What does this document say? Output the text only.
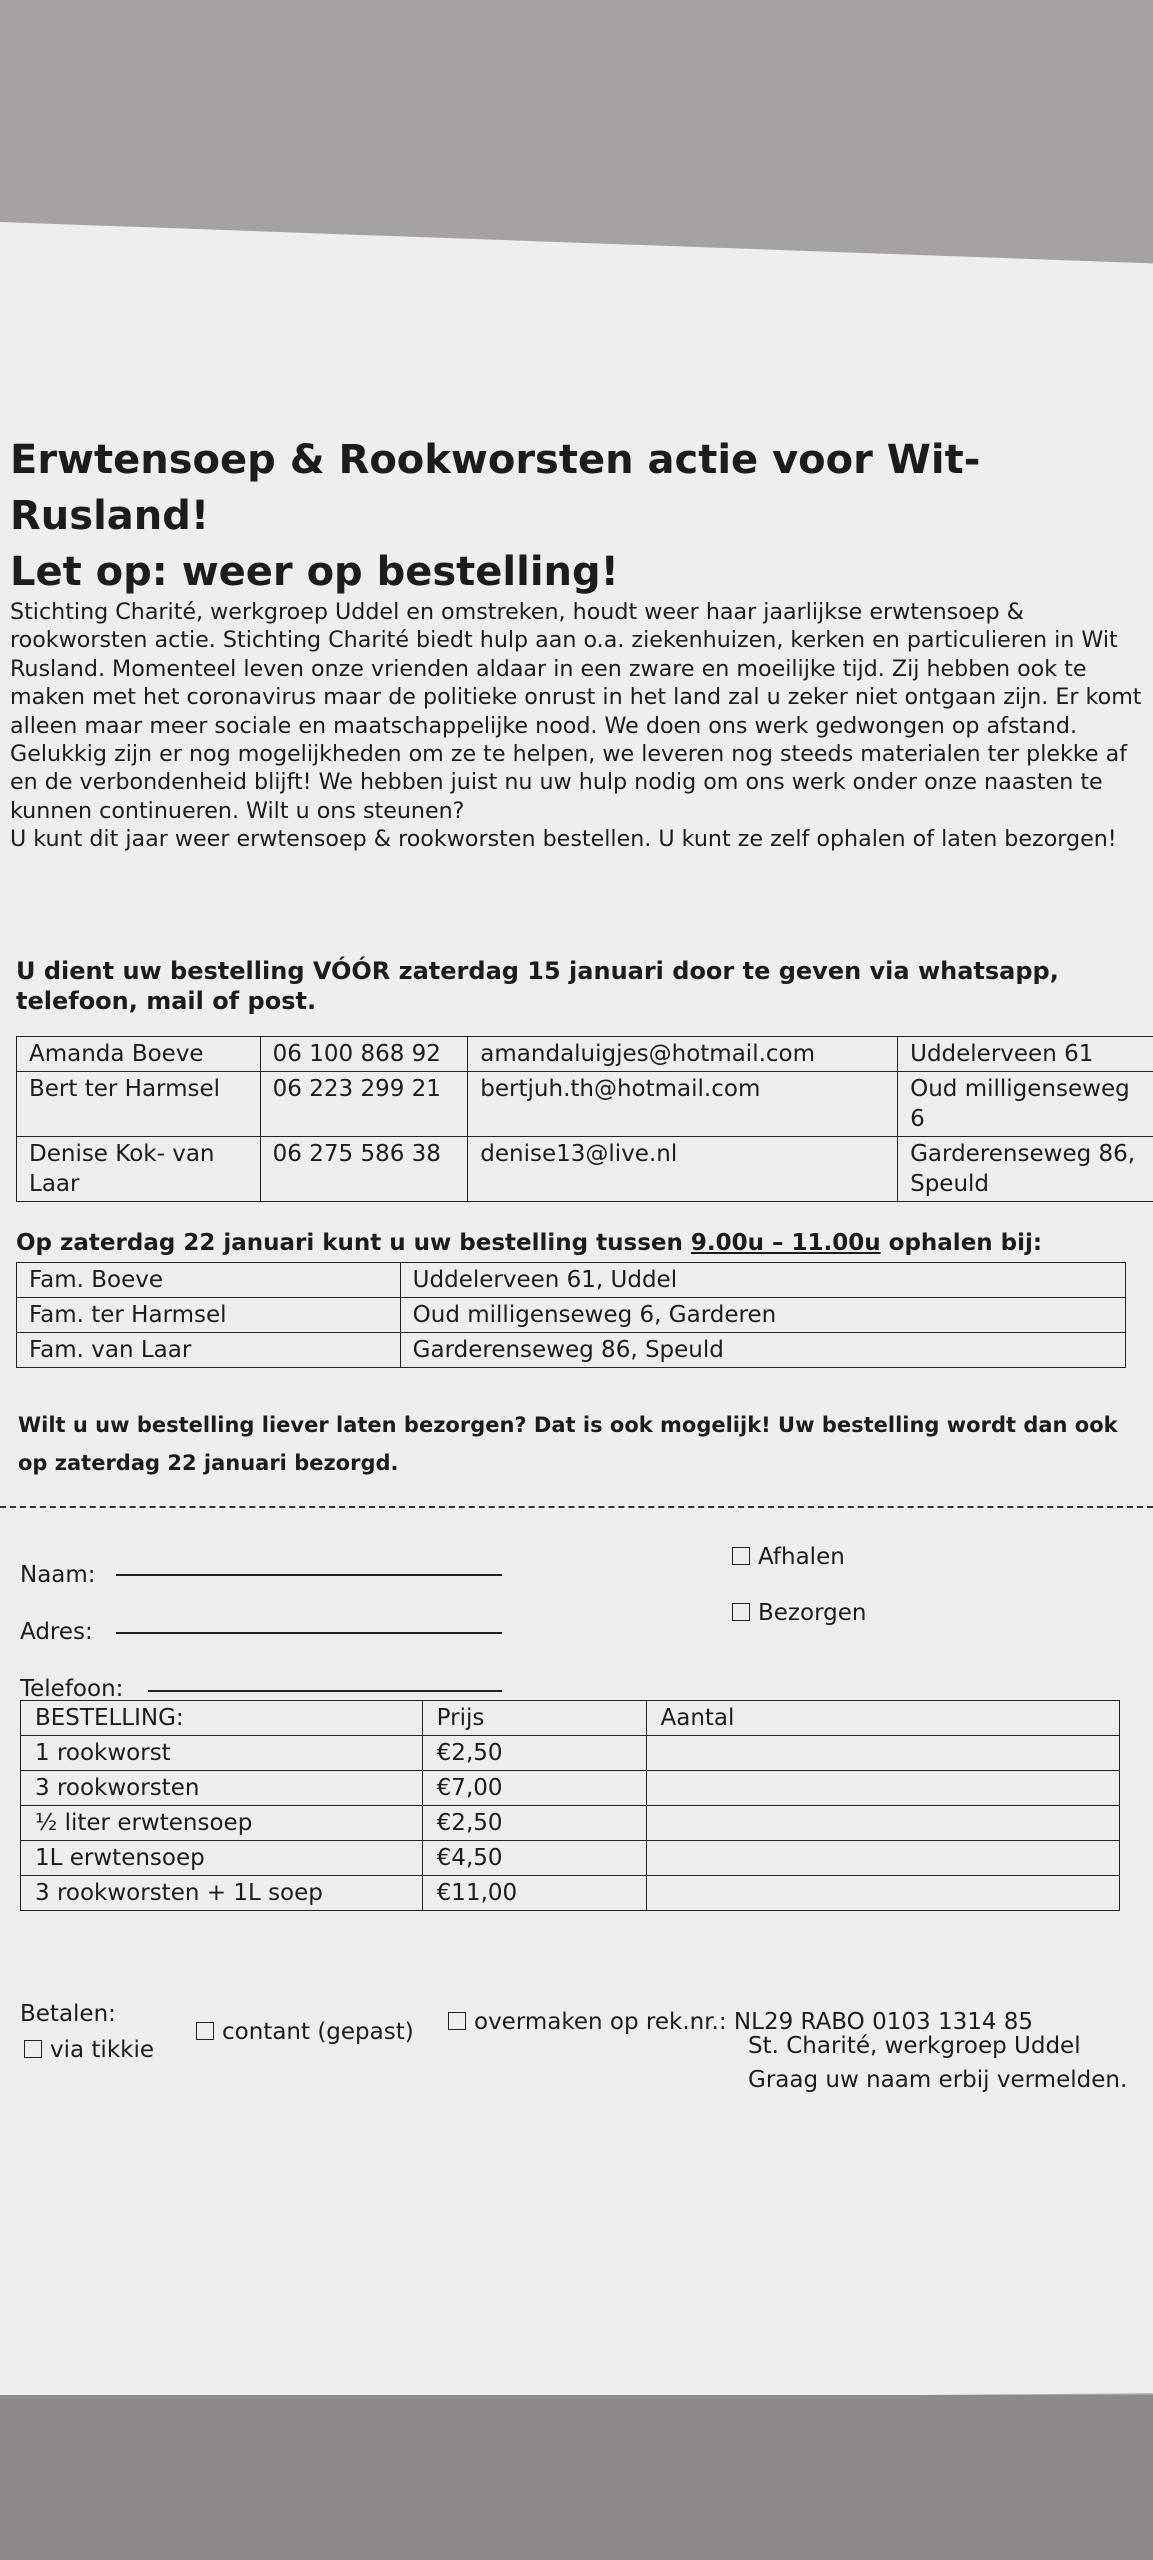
Erwtensoep & Rookworsten actie voor Wit-Rusland!
Let op: weer op bestelling!

Stichting Charité, werkgroep Uddel en omstreken, houdt weer haar jaarlijkse erwtensoep &

rookworsten actie. Stichting Charité biedt hulp aan o.a. ziekenhuizen, kerken en particulieren in Wit

Rusland. Momenteel leven onze vrienden aldaar in een zware en moeilijke tijd. Zij hebben ook te

maken met het coronavirus maar de politieke onrust in het land zal u zeker niet ontgaan zijn. Er komt

alleen maar meer sociale en maatschappelijke nood. We doen ons werk gedwongen op afstand.

Gelukkig zijn er nog mogelijkheden om ze te helpen, we leveren nog steeds materialen ter plekke af

en de verbondenheid blijft! We hebben juist nu uw hulp nodig om ons werk onder onze naasten te

kunnen continueren. Wilt u ons steunen?

U kunt dit jaar weer erwtensoep & rookworsten bestellen. U kunt ze zelf ophalen of laten bezorgen!

U dient uw bestelling VÓÓR zaterdag 15 januari door te geven via whatsapp, telefoon, mail of post.
Amanda Boeve	06 100 868 92	amandaluigjes@hotmail.com	Uddelerveen 61
Bert ter Harmsel	06 223 299 21	bertjuh.th@hotmail.com	Oud milligenseweg 6
Denise Kok- van Laar	06 275 586 38	denise13@live.nl	Garderenseweg 86, Speuld
Op zaterdag 22 januari kunt u uw bestelling tussen 9.00u – 11.00u ophalen bij:
Fam. Boeve	Uddelerveen 61, Uddel
Fam. ter Harmsel	Oud milligenseweg 6, Garderen
Fam. van Laar	Garderenseweg 86, Speuld
Wilt u uw bestelling liever laten bezorgen? Dat is ook mogelijk! Uw bestelling wordt dan ook op zaterdag 22 januari bezorgd.
Naam:
Adres:
Telefoon:
Afhalen
Bezorgen
BESTELLING:	Prijs	Aantal
1 rookworst	€2,50	
3 rookworsten	€7,00	
½ liter erwtensoep	€2,50	
1L erwtensoep	€4,50	
3 rookworsten + 1L soep	€11,00	
Betalen:
via tikkie
contant (gepast)	overmaken op rek.nr.: NL29 RABO 0103 1314 85
St. Charité, werkgroep Uddel
Graag uw naam erbij vermelden.
